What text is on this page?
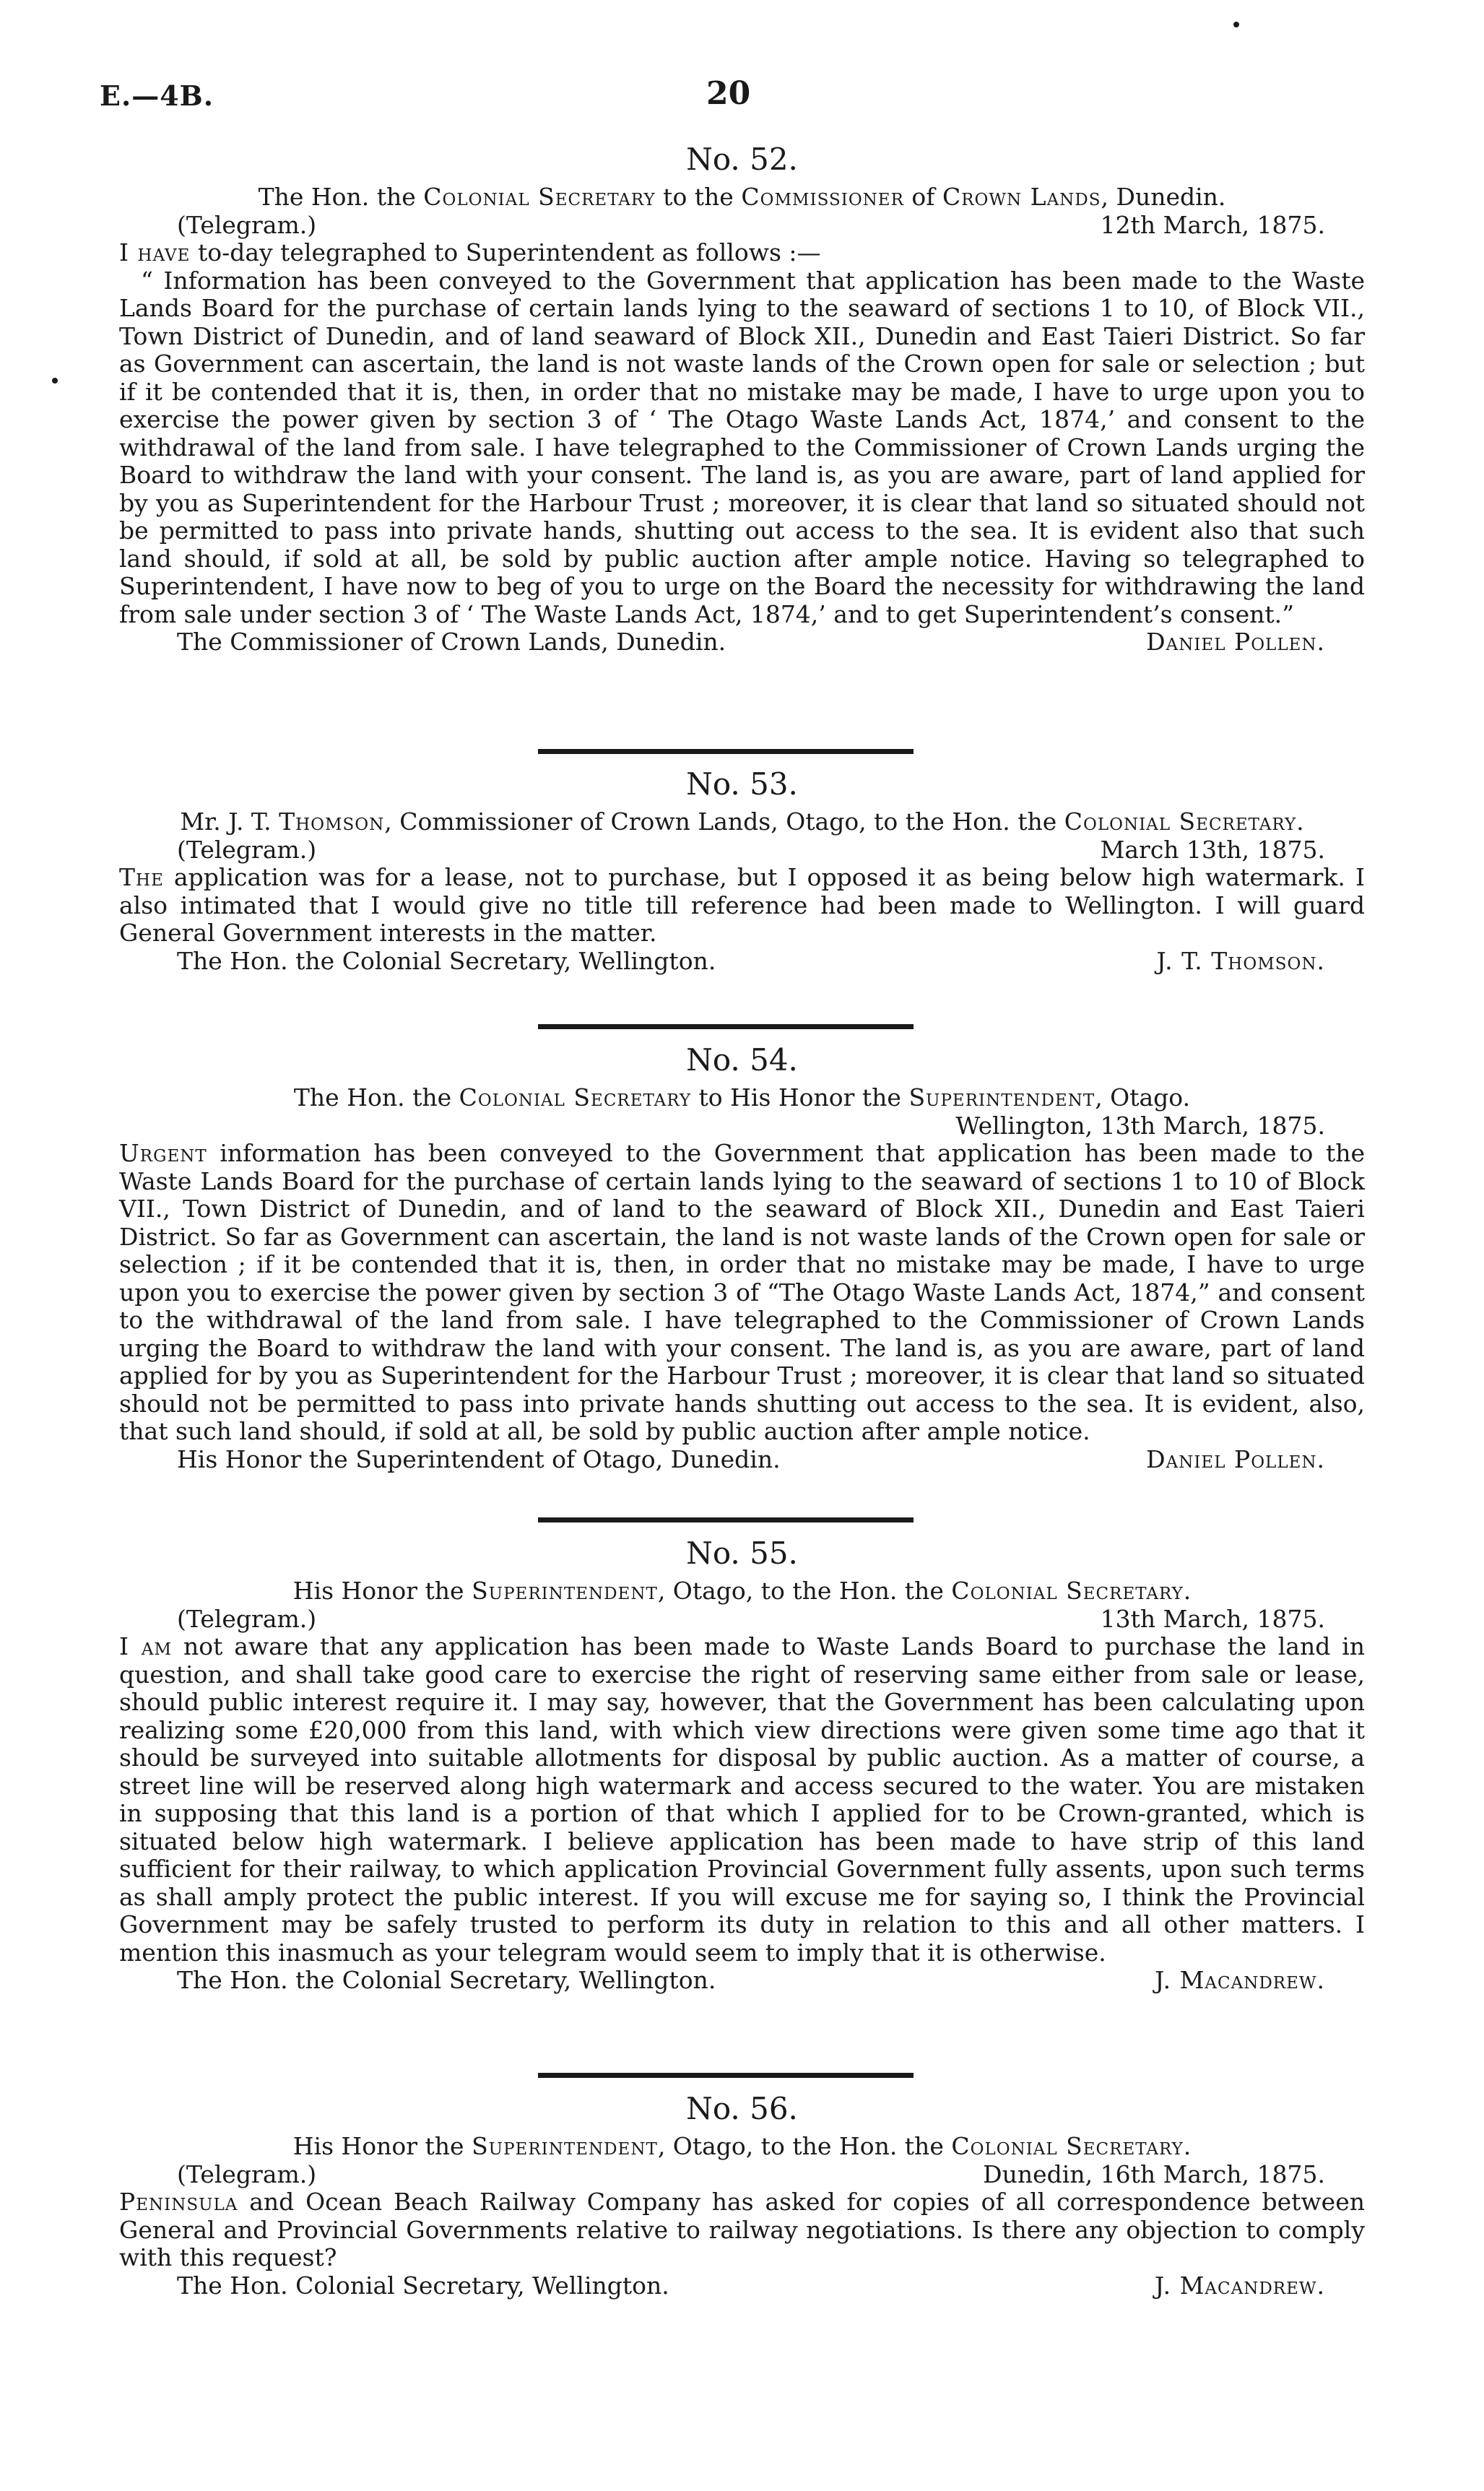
E.—4B.	20
No. 52.
The Hon. the Colonial Secretary to the Commissioner of Crown Lands, Dunedin.
(Telegram.)	12th March, 1875.

I have to-day telegraphed to Superintendent as follows :—

“ Information has been conveyed to the Government that application has been made to the Waste Lands Board for the purchase of certain lands lying to the seaward of sections 1 to 10, of Block VII., Town District of Dunedin, and of land seaward of Block XII., Dunedin and East Taieri District. So far as Government can ascertain, the land is not waste lands of the Crown open for sale or selection ; but if it be contended that it is, then, in order that no mistake may be made, I have to urge upon you to exercise the power given by section 3 of ‘ The Otago Waste Lands Act, 1874,’ and consent to the withdrawal of the land from sale. I have telegraphed to the Commissioner of Crown Lands urging the Board to withdraw the land with your consent. The land is, as you are aware, part of land applied for by you as Superintendent for the Harbour Trust ; moreover, it is clear that land so situated should not be permitted to pass into private hands, shutting out access to the sea. It is evident also that such land should, if sold at all, be sold by public auction after ample notice. Having so telegraphed to Superintendent, I have now to beg of you to urge on the Board the necessity for withdrawing the land from sale under section 3 of ‘ The Waste Lands Act, 1874,’ and to get Superintendent’s consent.”

The Commissioner of Crown Lands, Dunedin.	Daniel Pollen.
No. 53.
Mr. J. T. Thomson, Commissioner of Crown Lands, Otago, to the Hon. the Colonial Secretary.
(Telegram.)	March 13th, 1875.

The application was for a lease, not to purchase, but I opposed it as being below high watermark. I also intimated that I would give no title till reference had been made to Wellington. I will guard General Government interests in the matter.

The Hon. the Colonial Secretary, Wellington.	J. T. Thomson.
No. 54.
The Hon. the Colonial Secretary to His Honor the Superintendent, Otago.
Wellington, 13th March, 1875.

Urgent information has been conveyed to the Government that application has been made to the Waste Lands Board for the purchase of certain lands lying to the seaward of sections 1 to 10 of Block VII., Town District of Dunedin, and of land to the seaward of Block XII., Dunedin and East Taieri District. So far as Government can ascertain, the land is not waste lands of the Crown open for sale or selection ; if it be contended that it is, then, in order that no mistake may be made, I have to urge upon you to exercise the power given by section 3 of “The Otago Waste Lands Act, 1874,” and consent to the withdrawal of the land from sale. I have telegraphed to the Commissioner of Crown Lands urging the Board to withdraw the land with your consent. The land is, as you are aware, part of land applied for by you as Superintendent for the Harbour Trust ; moreover, it is clear that land so situated should not be permitted to pass into private hands shutting out access to the sea. It is evident, also, that such land should, if sold at all, be sold by public auction after ample notice.

His Honor the Superintendent of Otago, Dunedin.	Daniel Pollen.
No. 55.
His Honor the Superintendent, Otago, to the Hon. the Colonial Secretary.
(Telegram.)	13th March, 1875.

I am not aware that any application has been made to Waste Lands Board to purchase the land in question, and shall take good care to exercise the right of reserving same either from sale or lease, should public interest require it. I may say, however, that the Government has been calculating upon realizing some £20,000 from this land, with which view directions were given some time ago that it should be surveyed into suitable allotments for disposal by public auction. As a matter of course, a street line will be reserved along high watermark and access secured to the water. You are mistaken in supposing that this land is a portion of that which I applied for to be Crown-granted, which is situated below high watermark. I believe application has been made to have strip of this land sufficient for their railway, to which application Provincial Government fully assents, upon such terms as shall amply protect the public interest. If you will excuse me for saying so, I think the Provincial Government may be safely trusted to perform its duty in relation to this and all other matters. I mention this inasmuch as your telegram would seem to imply that it is otherwise.

The Hon. the Colonial Secretary, Wellington.	J. Macandrew.
No. 56.
His Honor the Superintendent, Otago, to the Hon. the Colonial Secretary.
(Telegram.)	Dunedin, 16th March, 1875.

Peninsula and Ocean Beach Railway Company has asked for copies of all correspondence between General and Provincial Governments relative to railway negotiations. Is there any objection to comply with this request?

The Hon. Colonial Secretary, Wellington.	J. Macandrew.
